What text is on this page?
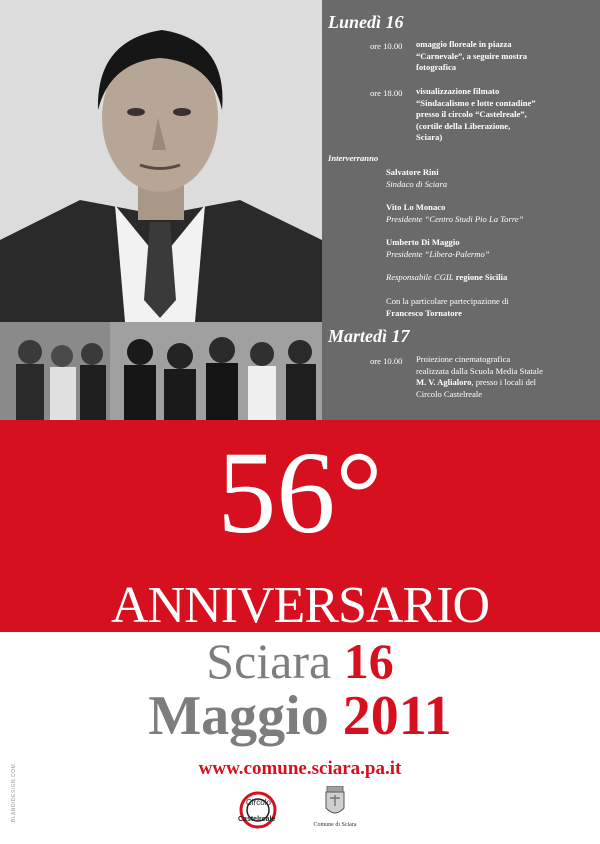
Lunedì 16
ore 10.00 omaggio floreale in piazza
“Carnevale”, a seguire mostra
fotografica
ore 18.00 visualizzazione filmato
“Sindacalismo e lotte contadine”
presso il circolo “Castelreale”,
(cortile della Liberazione,
Sciara)
Interverranno
Salvatore Rini
Sindaco di Sciara
Vito Lo Monaco
Presidente “Centro Studi Pio La Torre”
Umberto Di Maggio
Presidente “Libera-Palermo”
Responsabile CGIL regione Sicilia
Con la particolare partecipazione di
Francesco Tornatore
Martedì 17
ore 10.00 Proiezione cinematografica
realizzata dalla Scuola Media Statale
M. V. Aglialoro, presso i locali del
Circolo Castelreale
56°
ANNIVERSARIO
Sciara 16
Maggio 2011
www.comune.sciara.pa.it
BLANDIDESIGN.COM	Circolo
Castelreale
Comune di Sciara
